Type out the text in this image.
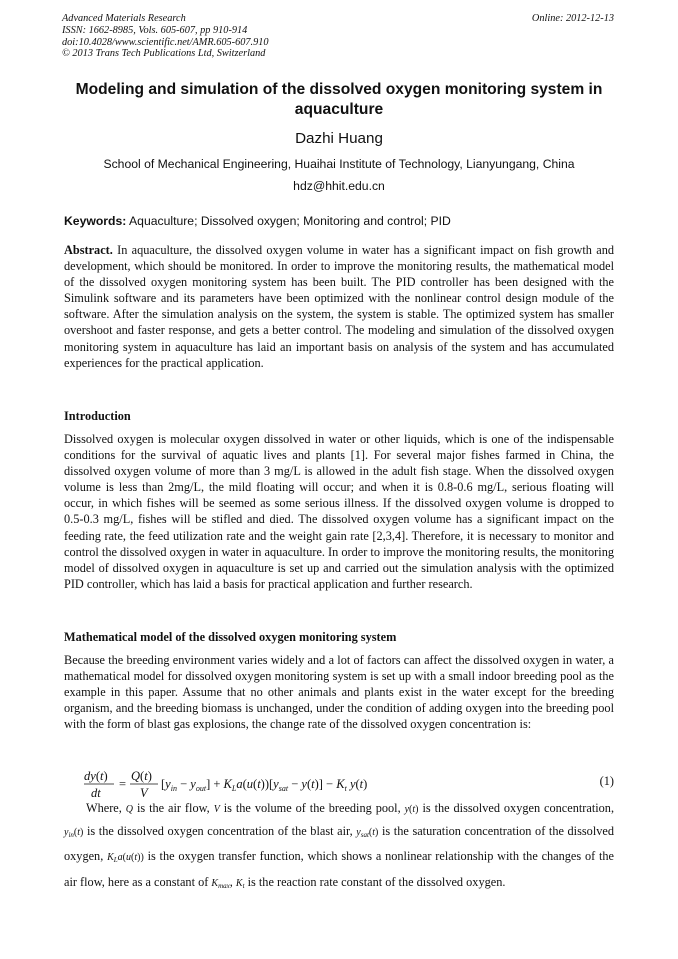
Advanced Materials Research
ISSN: 1662-8985, Vols. 605-607, pp 910-914
doi:10.4028/www.scientific.net/AMR.605-607.910
© 2013 Trans Tech Publications Ltd, Switzerland
Online: 2012-12-13
Modeling and simulation of the dissolved oxygen monitoring system in
aquaculture
Dazhi Huang
School of Mechanical Engineering, Huaihai Institute of Technology, Lianyungang, China
hdz@hhit.edu.cn
Keywords: Aquaculture; Dissolved oxygen; Monitoring and control; PID
Abstract. In aquaculture, the dissolved oxygen volume in water has a significant impact on fish growth and development, which should be monitored. In order to improve the monitoring results, the mathematical model of the dissolved oxygen monitoring system has been built. The PID controller has been designed with the Simulink software and its parameters have been optimized with the nonlinear control design module of the software. After the simulation analysis on the system, the system is stable. The optimized system has smaller overshoot and faster response, and gets a better control. The modeling and simulation of the dissolved oxygen monitoring system in aquaculture has laid an important basis on analysis of the system and has accumulated experiences for the practical application.
Introduction
Dissolved oxygen is molecular oxygen dissolved in water or other liquids, which is one of the indispensable conditions for the survival of aquatic lives and plants [1]. For several major fishes farmed in China, the dissolved oxygen volume of more than 3 mg/L is allowed in the adult fish stage. When the dissolved oxygen volume is less than 2mg/L, the mild floating will occur; and when it is 0.8-0.6 mg/L, serious floating will occur, in which fishes will be seemed as some serious illness. If the dissolved oxygen volume is dropped to 0.5-0.3 mg/L, fishes will be stifled and died. The dissolved oxygen volume has a significant impact on the feeding rate, the feed utilization rate and the weight gain rate [2,3,4]. Therefore, it is necessary to monitor and control the dissolved oxygen in water in aquaculture. In order to improve the monitoring results, the monitoring model of dissolved oxygen in aquaculture is set up and carried out the simulation analysis with the optimized PID controller, which has laid a basis for practical application and further research.
Mathematical model of the dissolved oxygen monitoring system
Because the breeding environment varies widely and a lot of factors can affect the dissolved oxygen in water, a mathematical model for dissolved oxygen monitoring system is set up with a small indoor breeding pool as the example in this paper. Assume that no other animals and plants exist in the water except for the breeding organism, and the breeding biomass is unchanged, under the condition of adding oxygen into the breeding pool with the form of blast gas explosions, the change rate of the dissolved oxygen concentration is:
dy(t)
dt
=
Q(t)
V
$[y_{in} - y_{out}] + K_La(u(t))[y_{sat} - y(t)] - K_t$ y(t)	(1)
Where, Q is the air flow, V is the volume of the breeding pool, y(t) is the dissolved oxygen concentration, $y_{in}(t)$ is the dissolved oxygen concentration of the blast air, $y_{sat}(t)$ is the saturation concentration of the dissolved oxygen, $K_La(u(t))$ is the oxygen transfer function, which shows a nonlinear relationship with the changes of the air flow, here as a constant of $K_{max}$, $K_t$ is the reaction rate constant of the dissolved oxygen.
